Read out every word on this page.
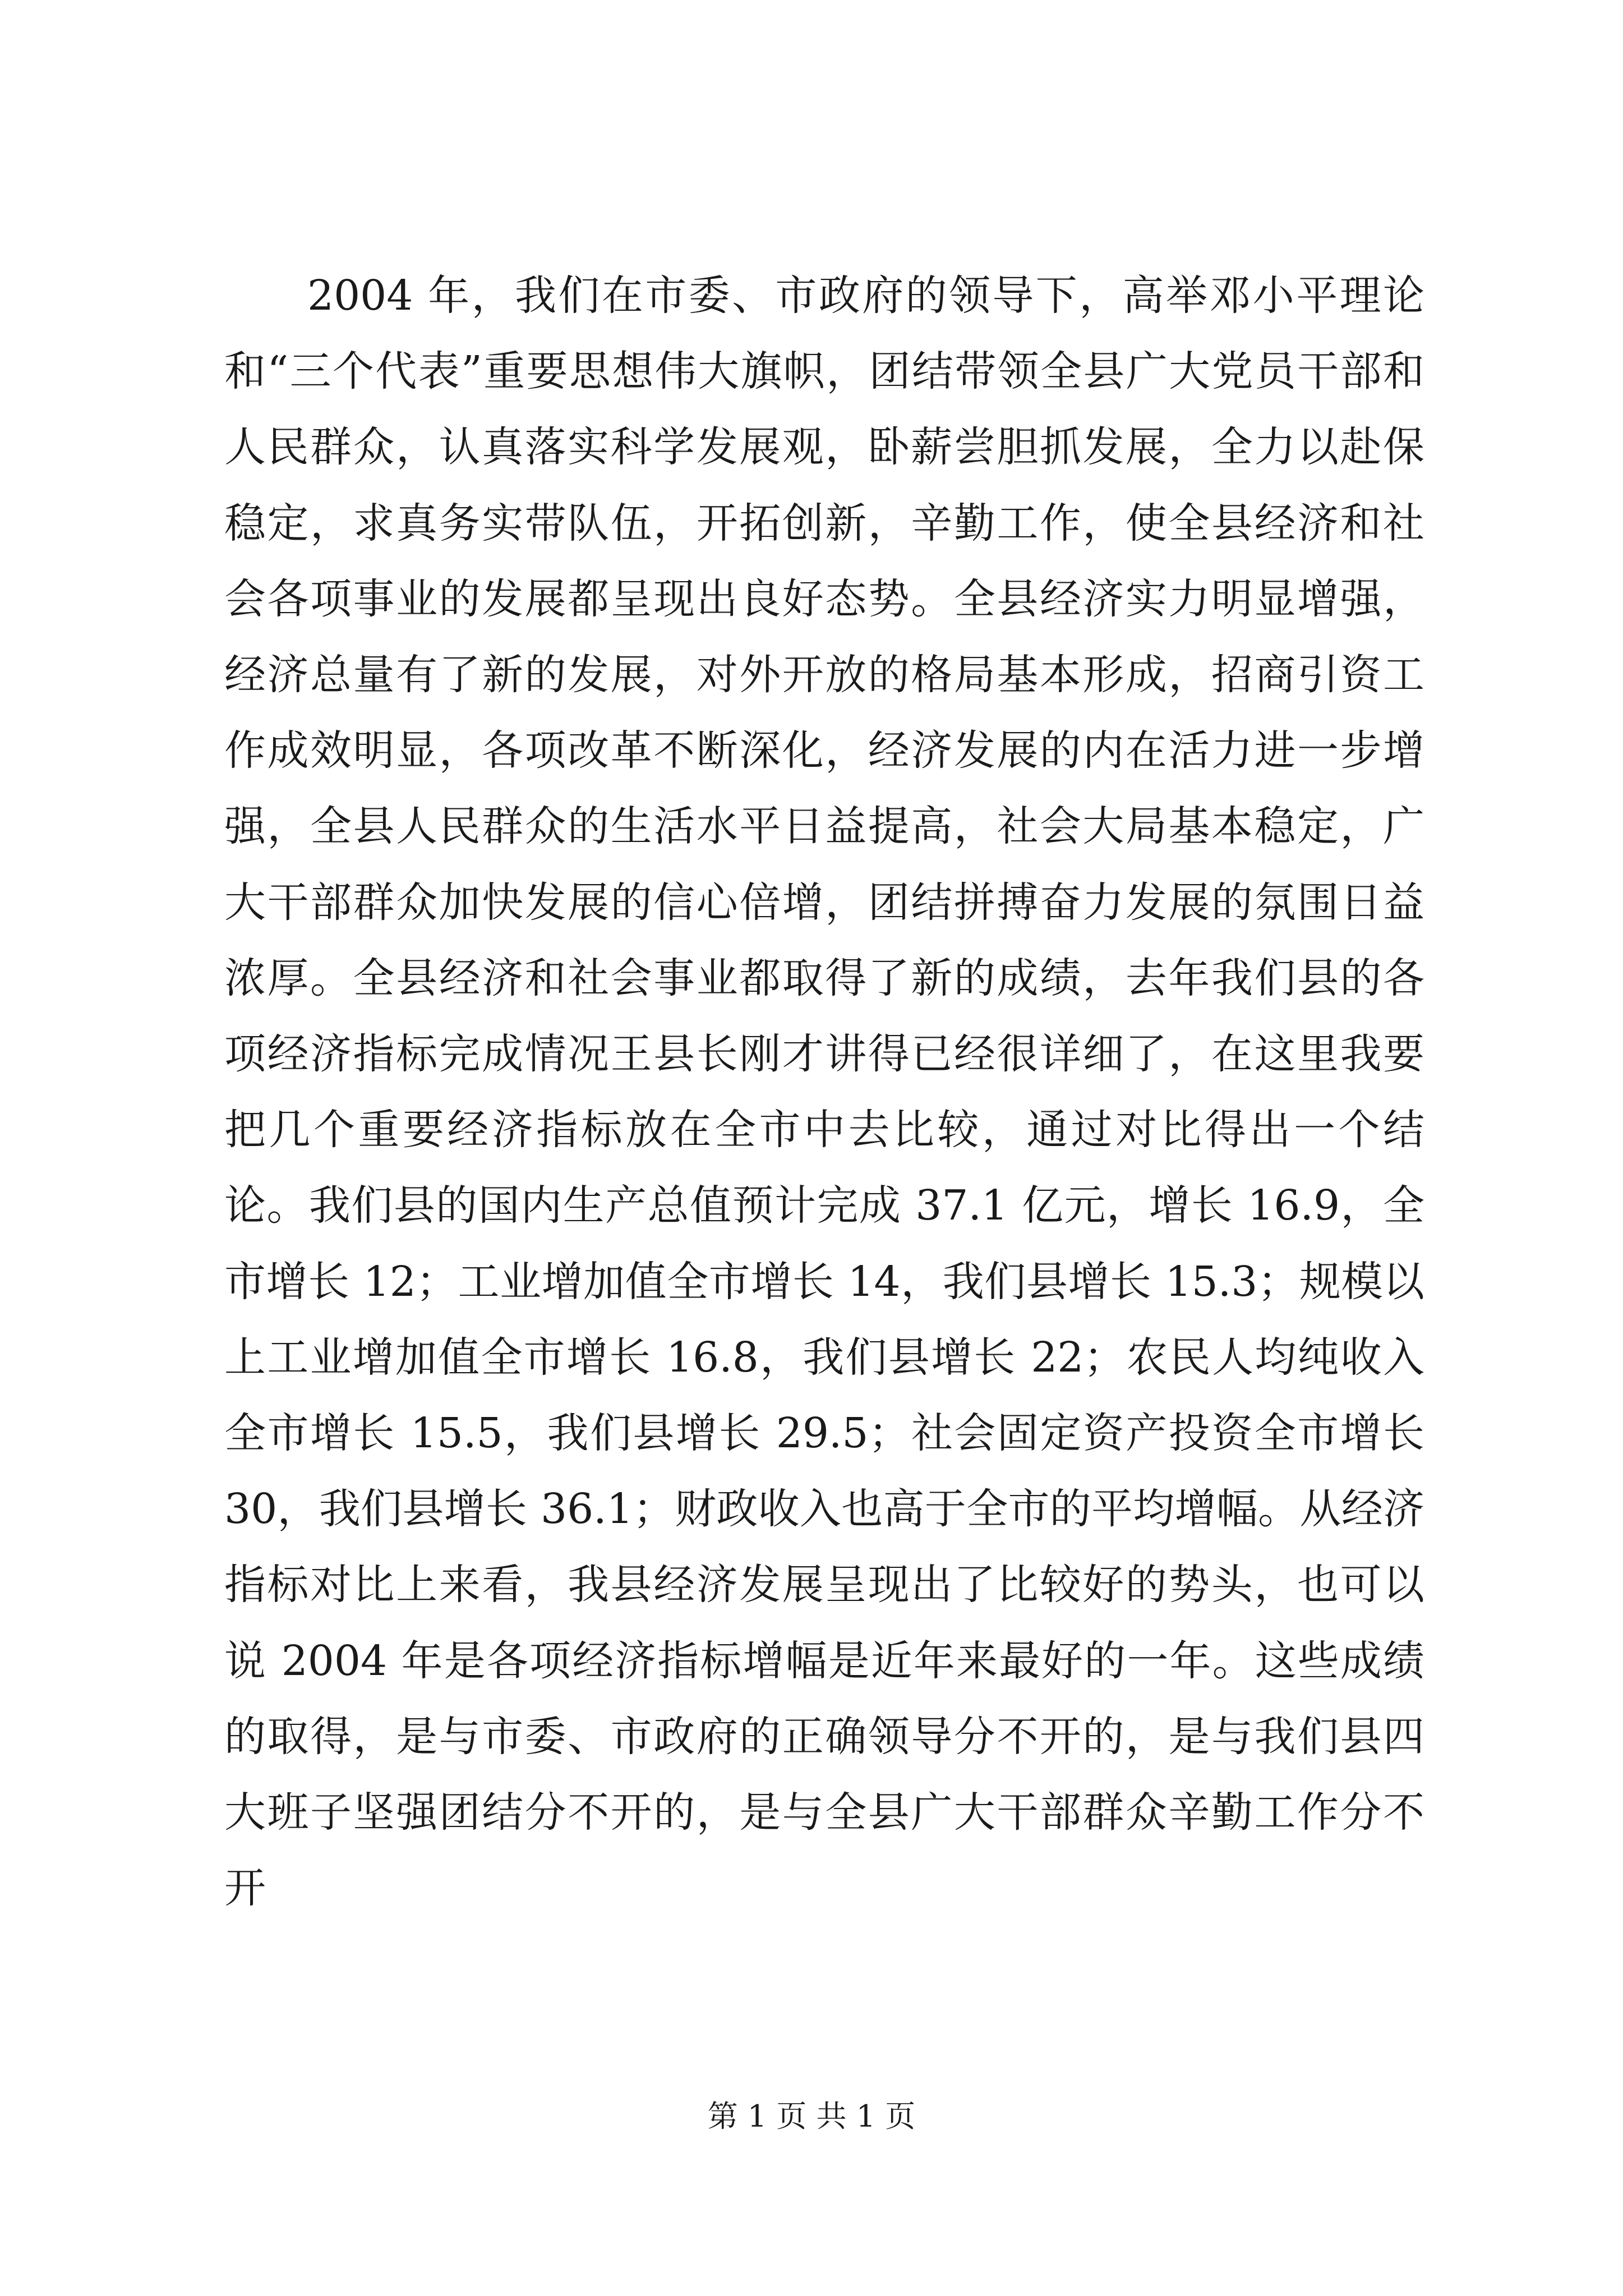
2004 年，我们在市委、市政府的领导下，高举邓小平理论和“三个代表”重要思想伟大旗帜，团结带领全县广大党员干部和人民群众，认真落实科学发展观，卧薪尝胆抓发展，全力以赴保稳定，求真务实带队伍，开拓创新，辛勤工作，使全县经济和社会各项事业的发展都呈现出良好态势。全县经济实力明显增强，经济总量有了新的发展，对外开放的格局基本形成，招商引资工作成效明显，各项改革不断深化，经济发展的内在活力进一步增强，全县人民群众的生活水平日益提高，社会大局基本稳定，广大干部群众加快发展的信心倍增，团结拼搏奋力发展的氛围日益浓厚。全县经济和社会事业都取得了新的成绩，去年我们县的各项经济指标完成情况王县长刚才讲得已经很详细了，在这里我要把几个重要经济指标放在全市中去比较，通过对比得出一个结论。我们县的国内生产总值预计完成 37.1 亿元，增长 16.9，全市增长 12；工业增加值全市增长 14，我们县增长 15.3；规模以上工业增加值全市增长 16.8，我们县增长 22；农民人均纯收入全市增长 15.5，我们县增长 29.5；社会固定资产投资全市增长 30，我们县增长 36.1；财政收入也高于全市的平均增幅。从经济指标对比上来看，我县经济发展呈现出了比较好的势头，也可以说 2004 年是各项经济指标增幅是近年来最好的一年。这些成绩的取得，是与市委、市政府的正确领导分不开的，是与我们县四大班子坚强团结分不开的，是与全县广大干部群众辛勤工作分不开

第 1 页 共 1 页
